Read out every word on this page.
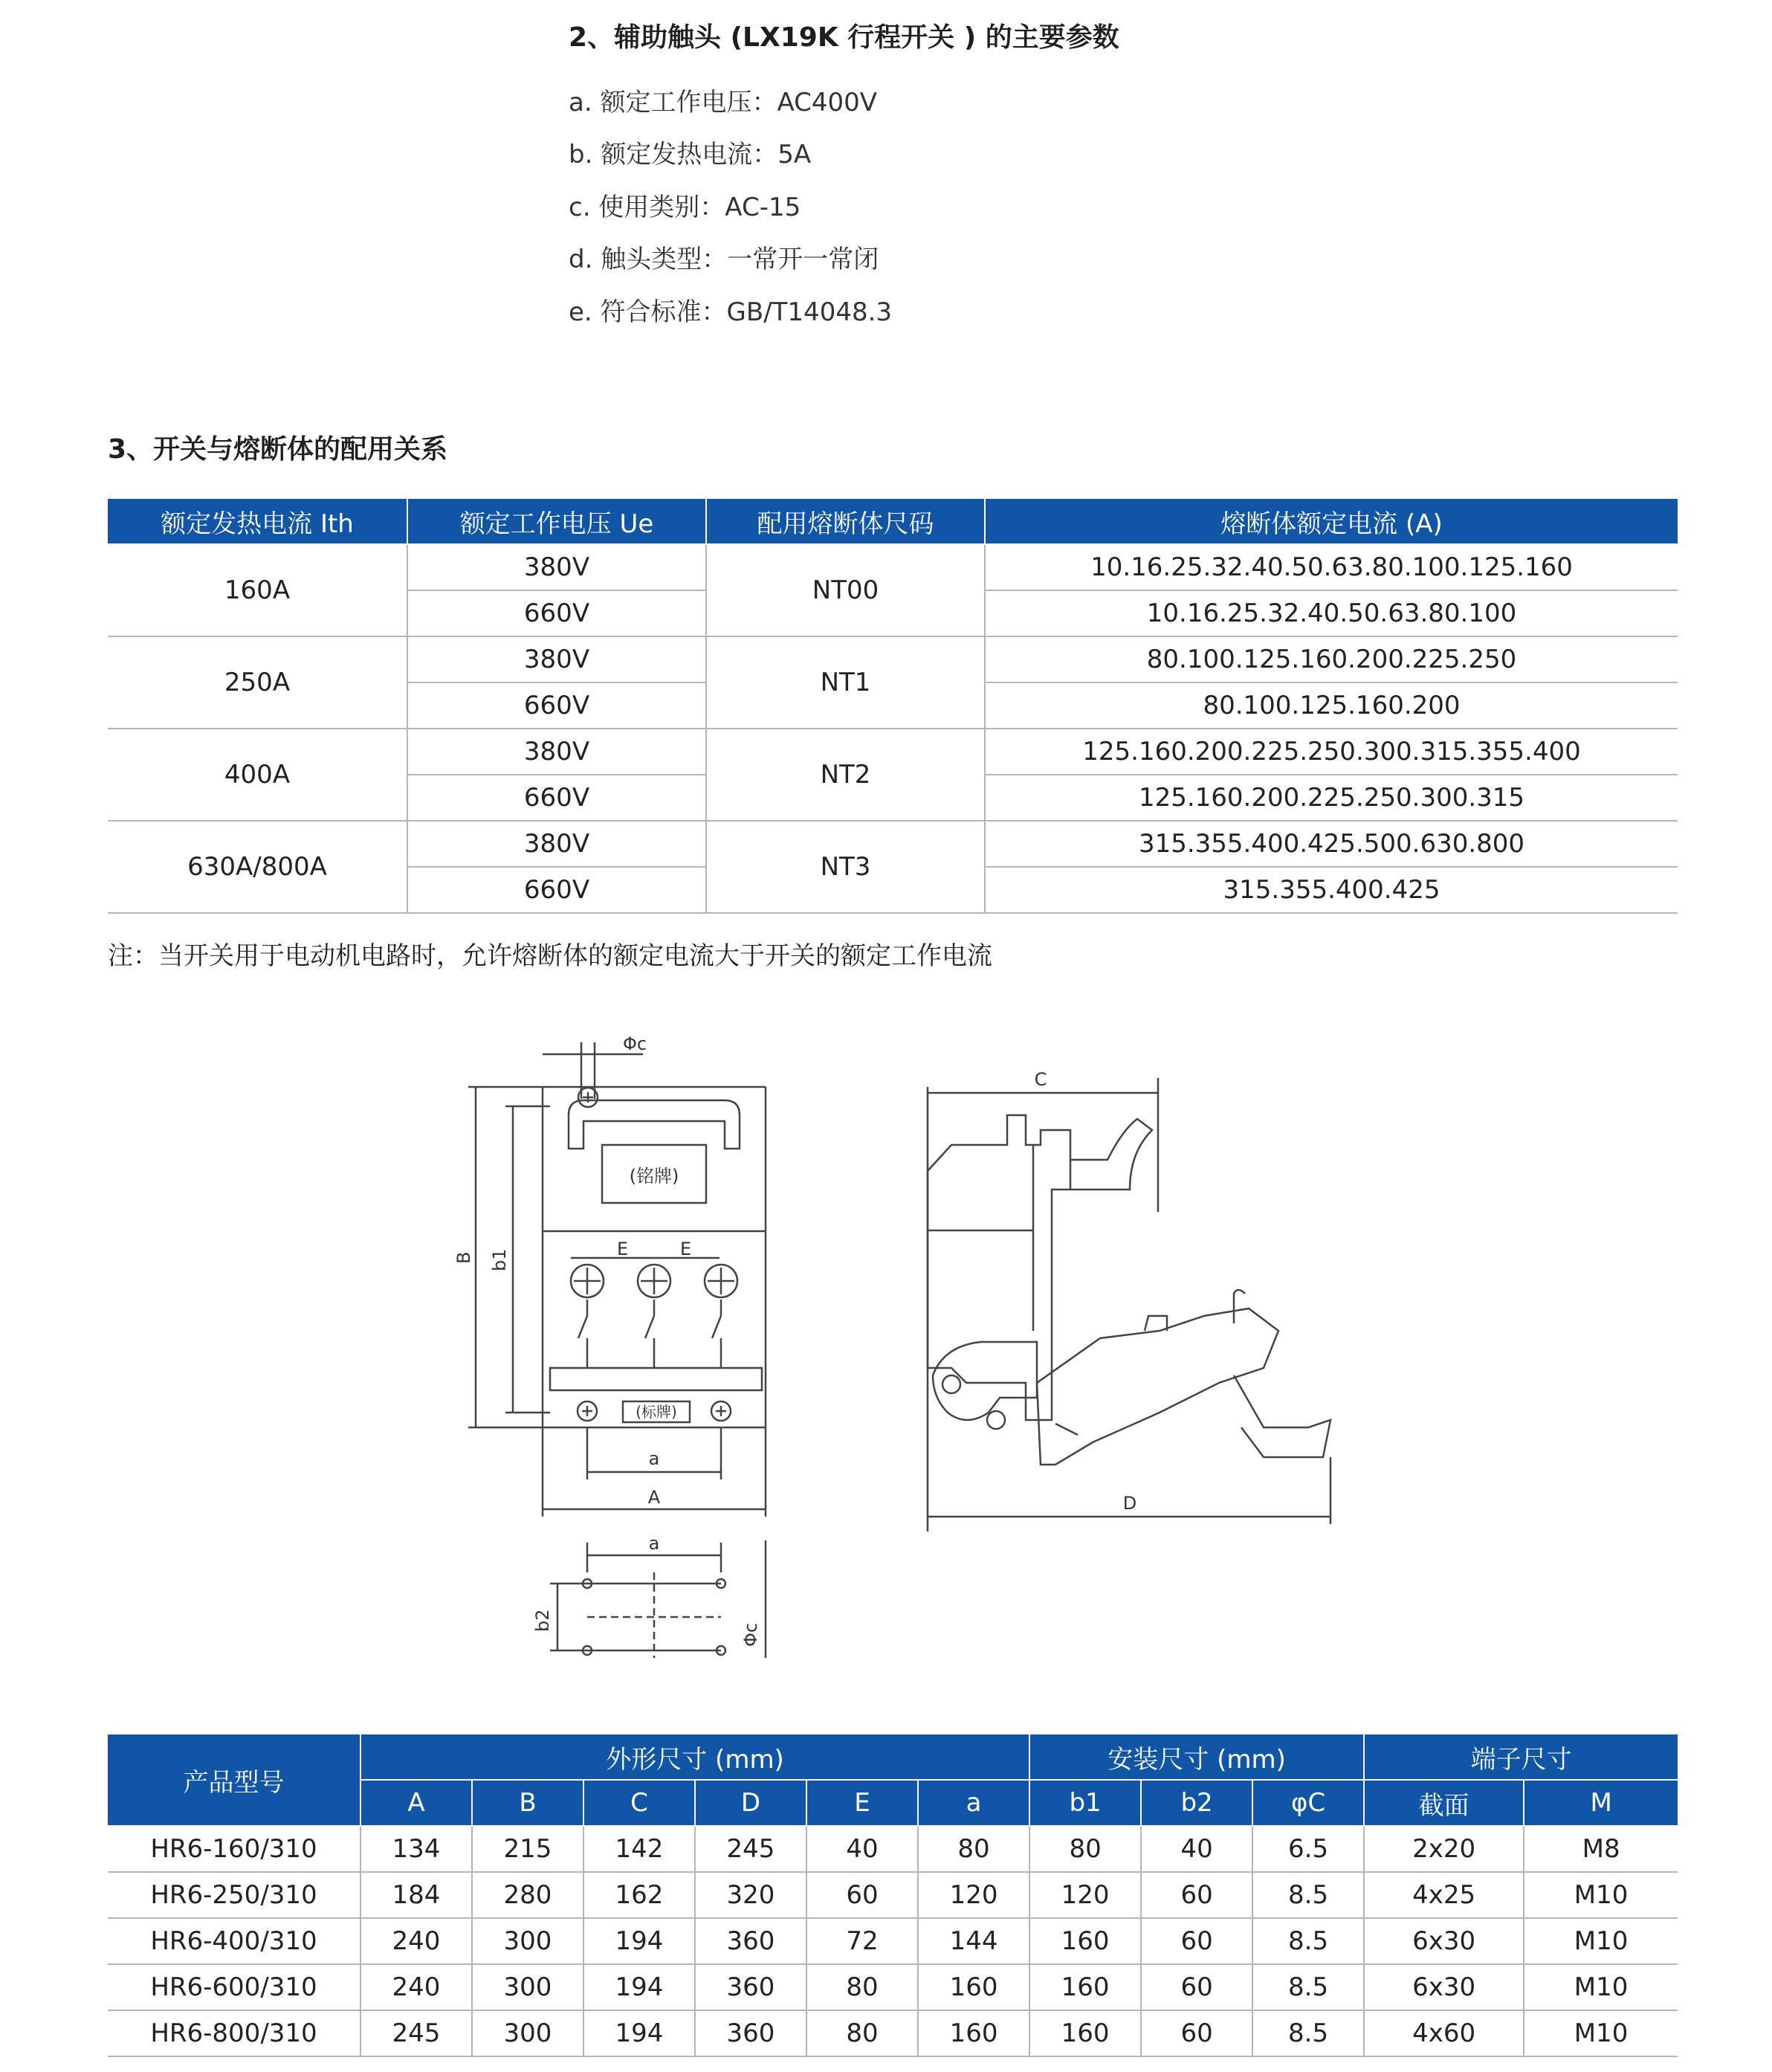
2、辅助触头 (LX19K 行程开关 ) 的主要参数
a. 额定工作电压：AC400V
b. 额定发热电流：5A
c. 使用类别：AC-15
d. 触头类型：一常开一常闭
e. 符合标准：GB/T14048.3
3、开关与熔断体的配用关系
额定发热电流 Ith	额定工作电压 Ue	配用熔断体尺码	熔断体额定电流 (A)
160A	380V	NT00	10.16.25.32.40.50.63.80.100.125.160
	660V		10.16.25.32.40.50.63.80.100
250A	380V	NT1	80.100.125.160.200.225.250
	660V		80.100.125.160.200
400A	380V	NT2	125.160.200.225.250.300.315.355.400
	660V		125.160.200.225.250.300.315
630A/800A	380V	NT3	315.355.400.425.500.630.800
	660V		315.355.400.425
注：当开关用于电动机电路时，允许熔断体的额定电流大于开关的额定工作电流
Φc
(铭牌)
E	E
(标牌)
B b1
a
A
C
D
a
b2
Φc
产品型号	外形尺寸 (mm)						安装尺寸 (mm)			端子尺寸	
	A	B	C	D	E	a	b1	b2	φC	截面	M
HR6-160/310	134	215	142	245	40	80	80	40	6.5	2x20	M8
HR6-250/310	184	280	162	320	60	120	120	60	8.5	4x25	M10
HR6-400/310	240	300	194	360	72	144	160	60	8.5	6x30	M10
HR6-600/310	240	300	194	360	80	160	160	60	8.5	6x30	M10
HR6-800/310	245	300	194	360	80	160	160	60	8.5	4x60	M10
